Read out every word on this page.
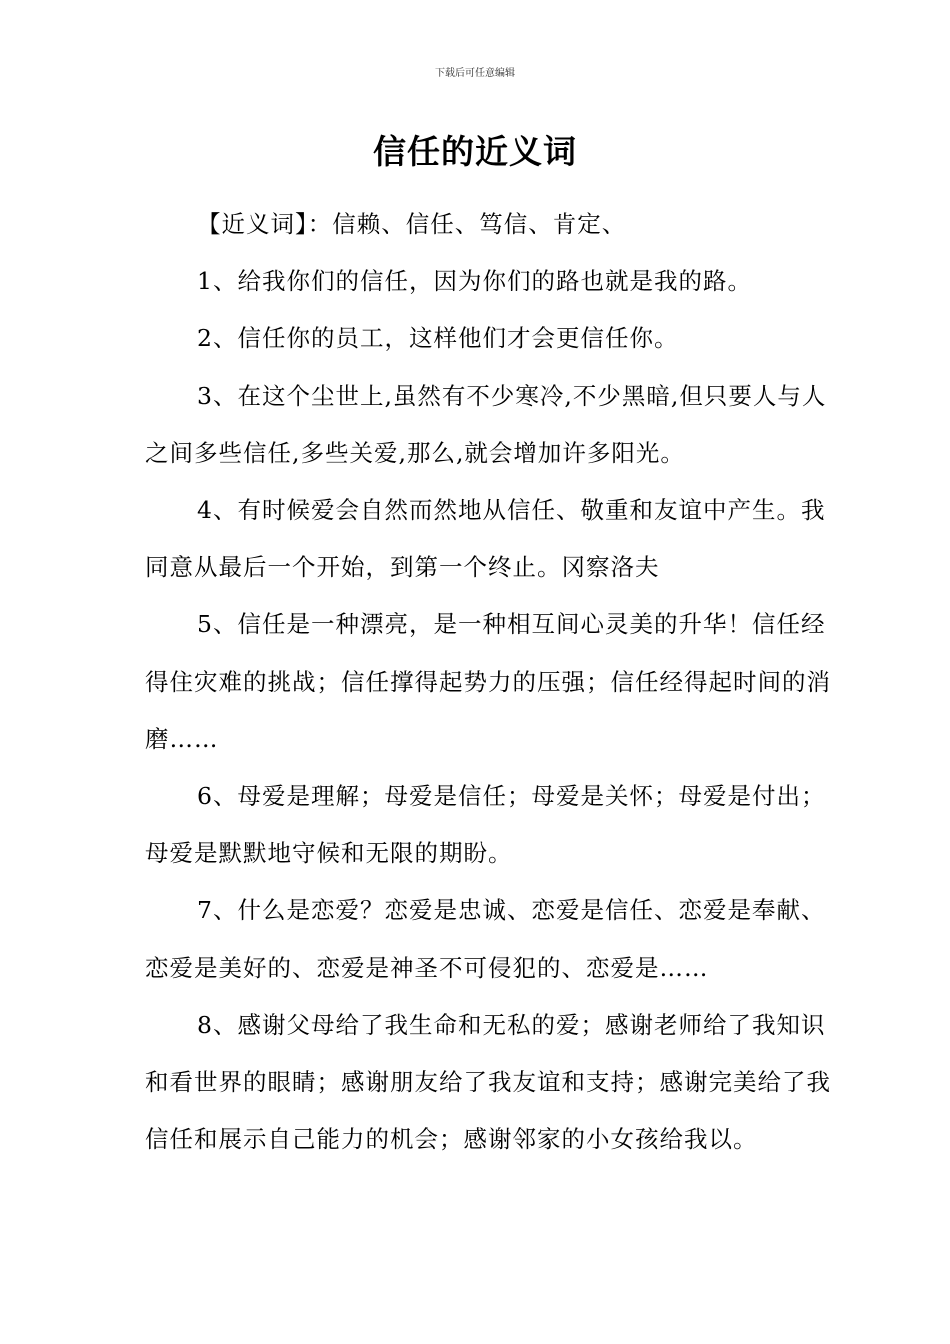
下载后可任意编辑
信任的近义词

【近义词】：信赖、信任、笃信、肯定、

1、给我你们的信任，因为你们的路也就是我的路。

2、信任你的员工，这样他们才会更信任你。

3、在这个尘世上,虽然有不少寒冷,不少黑暗,但只要人与人之间多些信任,多些关爱,那么,就会增加许多阳光。

4、有时候爱会自然而然地从信任、敬重和友谊中产生。我同意从最后一个开始，到第一个终止。冈察洛夫

5、信任是一种漂亮，是一种相互间心灵美的升华！信任经得住灾难的挑战；信任撑得起势力的压强；信任经得起时间的消磨……

6、母爱是理解；母爱是信任；母爱是关怀；母爱是付出；母爱是默默地守候和无限的期盼。

7、什么是恋爱？恋爱是忠诚、恋爱是信任、恋爱是奉献、恋爱是美好的、恋爱是神圣不可侵犯的、恋爱是……

8、感谢父母给了我生命和无私的爱；感谢老师给了我知识和看世界的眼睛；感谢朋友给了我友谊和支持；感谢完美给了我信任和展示自己能力的机会；感谢邻家的小女孩给我以。
